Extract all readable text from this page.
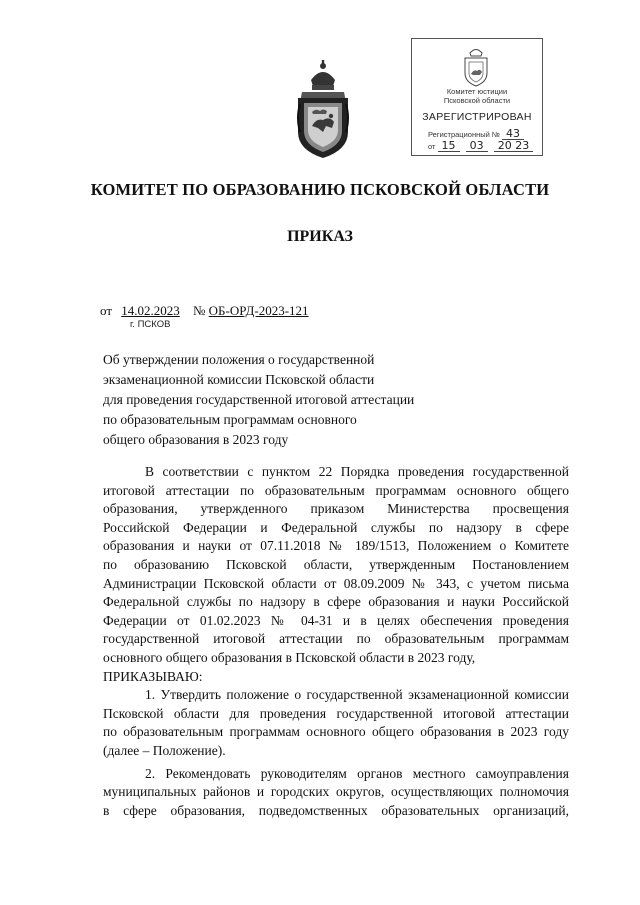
Комитет юстиции
Псковской области
ЗАРЕГИСТРИРОВАН
Регистрационный № 43
от 15 03 20 23
КОМИТЕТ ПО ОБРАЗОВАНИЮ ПСКОВСКОЙ ОБЛАСТИ
ПРИКАЗ
от 14.02.2023 № ОБ-ОРД-2023-121
г. ПСКОВ
Об утверждении положения о государственной
экзаменационной комиссии Псковской области
для проведения государственной итоговой аттестации
по образовательным программам основного
общего образования в 2023 году

В соответствии с пунктом 22 Порядка проведения государственной

итоговой аттестации по образовательным программам основного общего

образования, утвержденного приказом Министерства просвещения

Российской Федерации и Федеральной службы по надзору в сфере

образования и науки от 07.11.2018 № 189/1513, Положением о Комитете

по образованию Псковской области, утвержденным Постановлением

Администрации Псковской области от 08.09.2009 № 343, с учетом письма

Федеральной службы по надзору в сфере образования и науки Российской

Федерации от 01.02.2023 № 04-31 и в целях обеспечения проведения

государственной итоговой аттестации по образовательным программам

основного общего образования в Псковской области в 2023 году,

ПРИКАЗЫВАЮ:

1. Утвердить положение о государственной экзаменационной комиссии

Псковской области для проведения государственной итоговой аттестации

по образовательным программам основного общего образования в 2023 году

(далее – Положение).

2. Рекомендовать руководителям органов местного самоуправления

муниципальных районов и городских округов, осуществляющих полномочия

в сфере образования, подведомственных образовательных организаций,
